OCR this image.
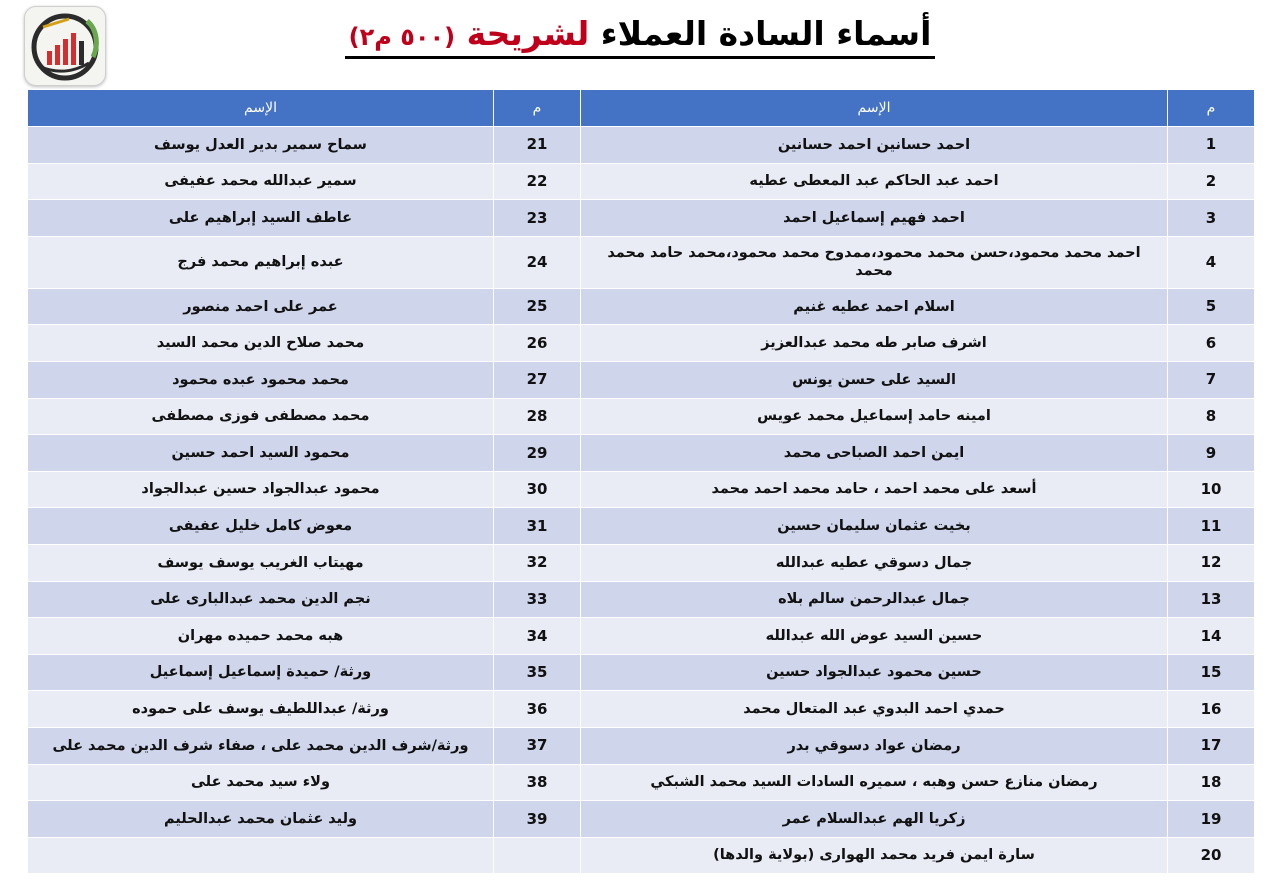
أسماء السادة العملاء لشريحة (٥٠٠ م٢)
م	الإسم	م	الإسم
1	احمد حسانين احمد حسانين	21	سماح سمير بدير العدل يوسف
2	احمد عبد الحاكم عبد المعطى عطيه	22	سمير عبدالله محمد عفيفى
3	احمد فهيم إسماعيل احمد	23	عاطف السيد إبراهيم على
4	احمد محمد محمود،حسن محمد محمود،ممدوح محمد محمود،محمد حامد محمد محمد	24	عبده إبراهيم محمد فرج
5	اسلام احمد عطيه غنيم	25	عمر على احمد منصور
6	اشرف صابر طه محمد عبدالعزيز	26	محمد صلاح الدين محمد السيد
7	السيد على حسن يونس	27	محمد محمود عبده محمود
8	امينه حامد إسماعيل محمد عويس	28	محمد مصطفى فوزى مصطفى
9	ايمن احمد الصباحى محمد	29	محمود السيد احمد حسين
10	أسعد على محمد احمد ، حامد محمد احمد محمد	30	محمود عبدالجواد حسين عبدالجواد
11	بخيت عثمان سليمان حسين	31	معوض كامل خليل عفيفى
12	جمال دسوقي عطيه عبدالله	32	مهيتاب الغريب يوسف يوسف
13	جمال عبدالرحمن سالم بلاه	33	نجم الدين محمد عبدالبارى على
14	حسين السيد عوض الله عبدالله	34	هبه محمد حميده مهران
15	حسين محمود عبدالجواد حسين	35	ورثة/ حميدة إسماعيل إسماعيل
16	حمدي احمد البدوي عبد المتعال محمد	36	ورثة/ عبداللطيف يوسف على حموده
17	رمضان عواد دسوقي بدر	37	ورثة/شرف الدين محمد على ، صفاء شرف الدين محمد على
18	رمضان منازع حسن وهبه ، سميره السادات السيد محمد الشبكي	38	ولاء سيد محمد على
19	زكريا الهم عبدالسلام عمر	39	وليد عثمان محمد عبدالحليم
20	سارة ايمن فريد محمد الهوارى (بولاية والدها)		
